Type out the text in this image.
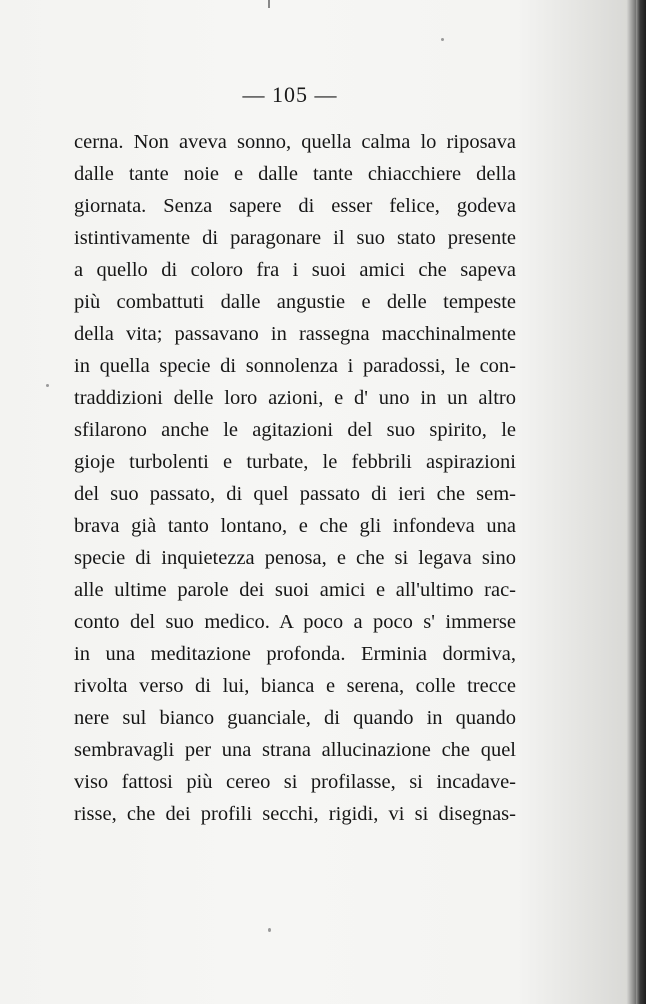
— 105 —
cerna. Non aveva sonno, quella calma lo riposava
dalle tante noie e dalle tante chiacchiere della
giornata. Senza sapere di esser felice, godeva
istintivamente di paragonare il suo stato presente
a quello di coloro fra i suoi amici che sapeva
più combattuti dalle angustie e delle tempeste
della vita; passavano in rassegna macchinalmente
in quella specie di sonnolenza i paradossi, le con-
traddizioni delle loro azioni, e d' uno in un altro
sfilarono anche le agitazioni del suo spirito, le
gioje turbolenti e turbate, le febbrili aspirazioni
del suo passato, di quel passato di ieri che sem-
brava già tanto lontano, e che gli infondeva una
specie di inquietezza penosa, e che si legava sino
alle ultime parole dei suoi amici e all'ultimo rac-
conto del suo medico. A poco a poco s' immerse
in una meditazione profonda. Erminia dormiva,
rivolta verso di lui, bianca e serena, colle trecce
nere sul bianco guanciale, di quando in quando
sembravagli per una strana allucinazione che quel
viso fattosi più cereo si profilasse, si incadave-
risse, che dei profili secchi, rigidi, vi si disegnas-
